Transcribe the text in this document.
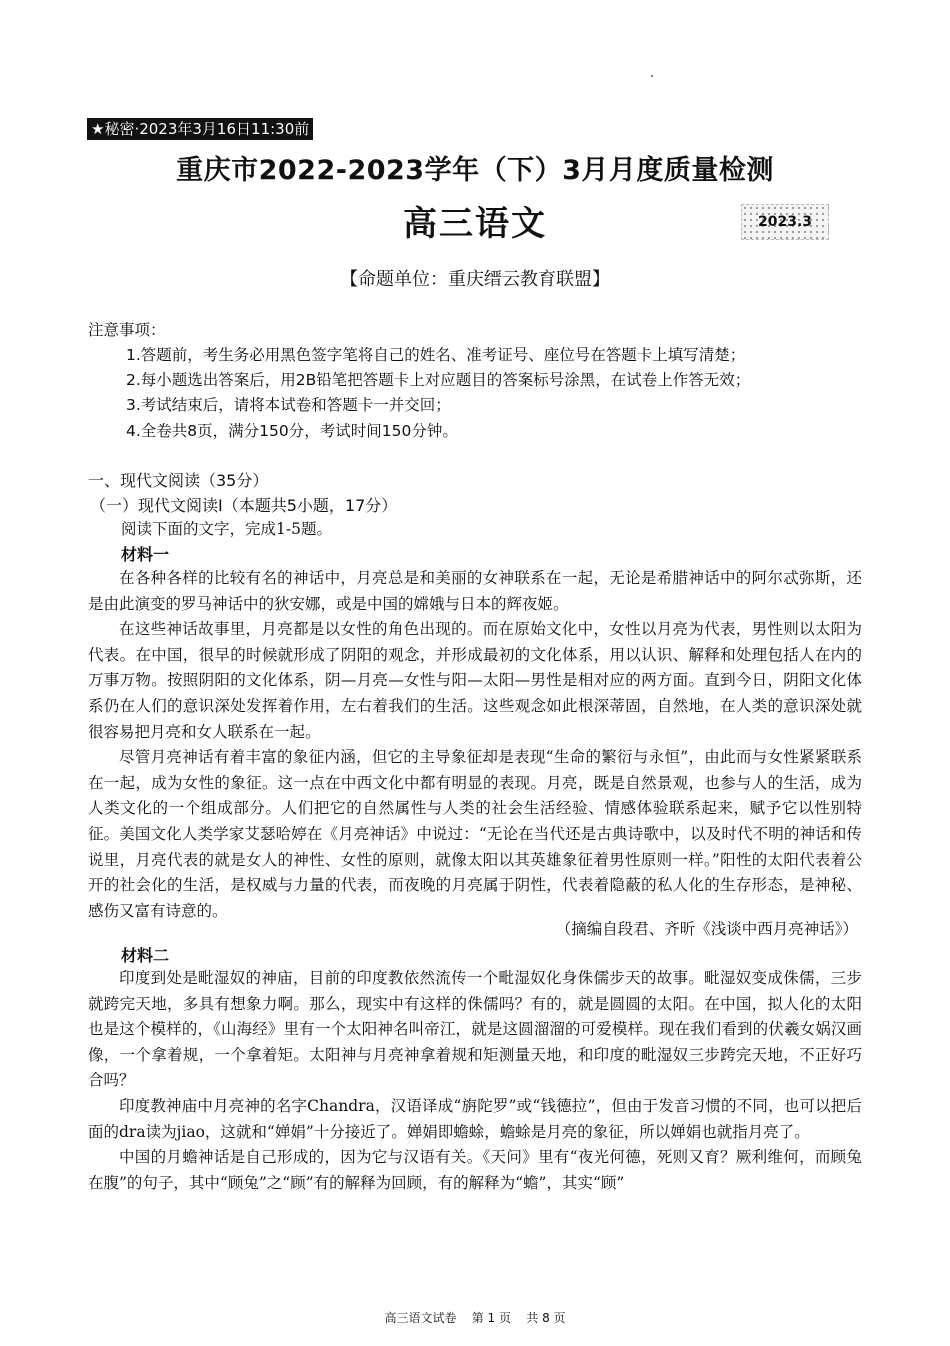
★秘密·2023年3月16日11:30前
重庆市2022-2023学年（下）3月月度质量检测
高三语文	2023.3
【命题单位：重庆缙云教育联盟】
注意事项：
1.答题前，考生务必用黑色签字笔将自己的姓名、准考证号、座位号在答题卡上填写清楚；
2.每小题选出答案后，用2B铅笔把答题卡上对应题目的答案标号涂黑，在试卷上作答无效；
3.考试结束后，请将本试卷和答题卡一并交回；
4.全卷共8页，满分150分，考试时间150分钟。
一、现代文阅读（35分）
（一）现代文阅读Ⅰ（本题共5小题，17分）
阅读下面的文字，完成1-5题。
材料一

在各种各样的比较有名的神话中，月亮总是和美丽的女神联系在一起，无论是希腊神话中的阿尔忒弥斯，还是由此演变的罗马神话中的狄安娜，或是中国的嫦娥与日本的辉夜姬。

在这些神话故事里，月亮都是以女性的角色出现的。而在原始文化中，女性以月亮为代表，男性则以太阳为代表。在中国，很早的时候就形成了阴阳的观念，并形成最初的文化体系，用以认识、解释和处理包括人在内的万事万物。按照阴阳的文化体系，阴—月亮—女性与阳—太阳—男性是相对应的两方面。直到今日，阴阳文化体系仍在人们的意识深处发挥着作用，左右着我们的生活。这些观念如此根深蒂固，自然地，在人类的意识深处就很容易把月亮和女人联系在一起。

尽管月亮神话有着丰富的象征内涵，但它的主导象征却是表现“生命的繁衍与永恒”，由此而与女性紧紧联系在一起，成为女性的象征。这一点在中西文化中都有明显的表现。月亮，既是自然景观，也参与人的生活，成为人类文化的一个组成部分。人们把它的自然属性与人类的社会生活经验、情感体验联系起来，赋予它以性别特征。美国文化人类学家艾瑟哈婷在《月亮神话》中说过：“无论在当代还是古典诗歌中，以及时代不明的神话和传说里，月亮代表的就是女人的神性、女性的原则，就像太阳以其英雄象征着男性原则一样。”阳性的太阳代表着公开的社会化的生活，是权威与力量的代表，而夜晚的月亮属于阴性，代表着隐蔽的私人化的生存形态，是神秘、感伤又富有诗意的。

（摘编自段君、齐昕《浅谈中西月亮神话》）
材料二

印度到处是毗湿奴的神庙，目前的印度教依然流传一个毗湿奴化身侏儒步天的故事。毗湿奴变成侏儒，三步就跨完天地，多具有想象力啊。那么，现实中有这样的侏儒吗？有的，就是圆圆的太阳。在中国，拟人化的太阳也是这个模样的，《山海经》里有一个太阳神名叫帝江，就是这圆溜溜的可爱模样。现在我们看到的伏羲女娲汉画像，一个拿着规，一个拿着矩。太阳神与月亮神拿着规和矩测量天地，和印度的毗湿奴三步跨完天地，不正好巧合吗？

印度教神庙中月亮神的名字Chandra，汉语译成“旃陀罗”或“钱德拉”，但由于发音习惯的不同，也可以把后面的dra读为jiao，这就和“婵娟”十分接近了。婵娟即蟾蜍，蟾蜍是月亮的象征，所以婵娟也就指月亮了。

中国的月蟾神话是自己形成的，因为它与汉语有关。《天问》里有“夜光何德，死则又育？厥利维何，而顾兔在腹”的句子，其中“顾兔”之“顾”有的解释为回顾，有的解释为“蟾”，其实“顾”

高三语文试卷 第 1 页 共 8 页
